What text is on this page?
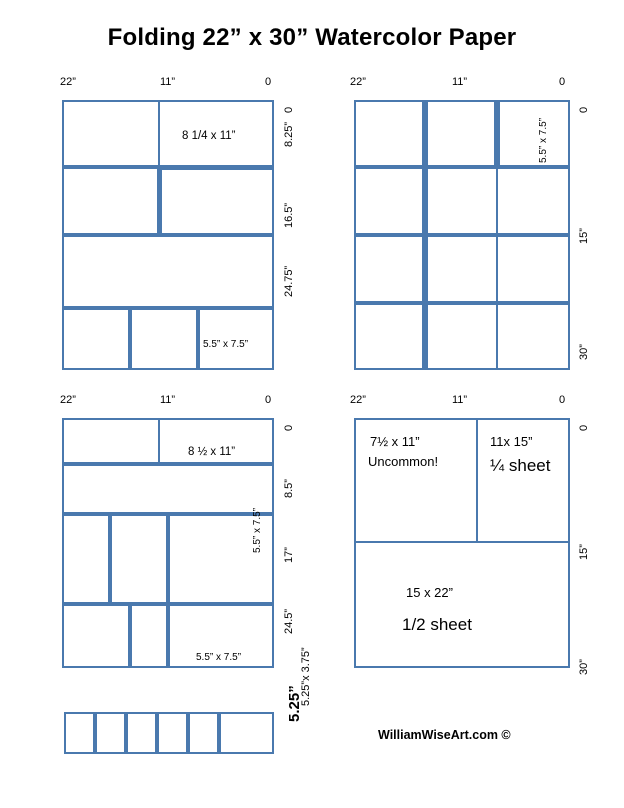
Folding 22” x 30” Watercolor Paper
22”	11”	0
0
8.25”
16.5”
24.75”
8 1/4 x 11”
5.5” x 7.5”
22”	11”	0
0
15”
30”
5.5” x 7.5”
22”	11”	0
0
8.5”
17”
24.5”
8 ½ x 11”
5.5” x 7.5”
5.5” x 7.5”
22”	11”	0
0
15”
30”
7½ x 11”
Uncommon!
11x 15”
¼ sheet
15 x 22”
1/2 sheet
5.25”x 3.75”
5.25”
WilliamWiseArt.com ©
